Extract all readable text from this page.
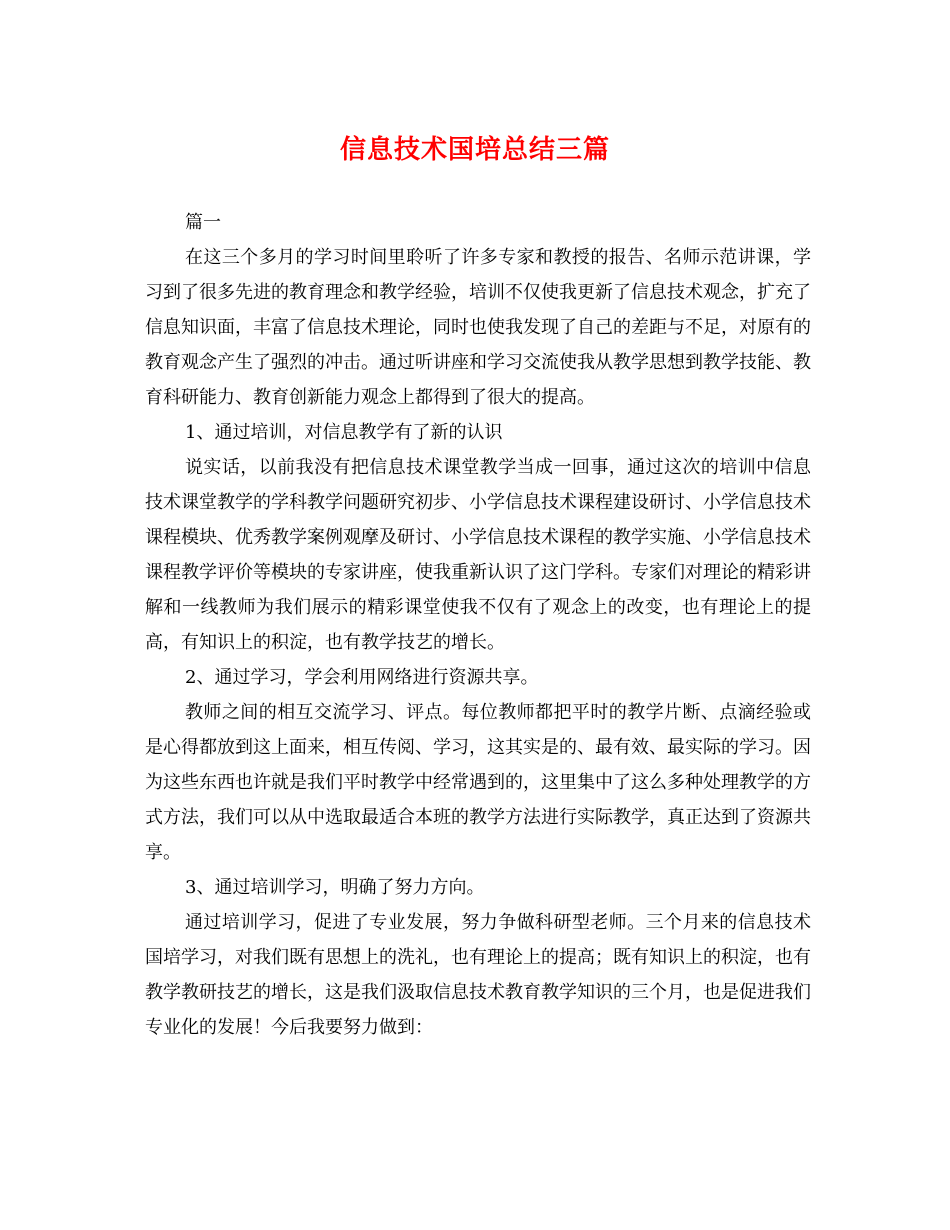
信息技术国培总结三篇

篇一

在这三个多月的学习时间里聆听了许多专家和教授的报告、名师示范讲课，学习到了很多先进的教育理念和教学经验，培训不仅使我更新了信息技术观念，扩充了信息知识面，丰富了信息技术理论，同时也使我发现了自己的差距与不足，对原有的教育观念产生了强烈的冲击。通过听讲座和学习交流使我从教学思想到教学技能、教育科研能力、教育创新能力观念上都得到了很大的提高。

1、通过培训，对信息教学有了新的认识

说实话，以前我没有把信息技术课堂教学当成一回事，通过这次的培训中信息技术课堂教学的学科教学问题研究初步、小学信息技术课程建设研讨、小学信息技术课程模块、优秀教学案例观摩及研讨、小学信息技术课程的教学实施、小学信息技术课程教学评价等模块的专家讲座，使我重新认识了这门学科。专家们对理论的精彩讲解和一线教师为我们展示的精彩课堂使我不仅有了观念上的改变，也有理论上的提高，有知识上的积淀，也有教学技艺的增长。

2、通过学习，学会利用网络进行资源共享。

教师之间的相互交流学习、评点。每位教师都把平时的教学片断、点滴经验或是心得都放到这上面来，相互传阅、学习，这其实是的、最有效、最实际的学习。因为这些东西也许就是我们平时教学中经常遇到的，这里集中了这么多种处理教学的方式方法，我们可以从中选取最适合本班的教学方法进行实际教学，真正达到了资源共享。

3、通过培训学习，明确了努力方向。

通过培训学习，促进了专业发展，努力争做科研型老师。三个月来的信息技术国培学习，对我们既有思想上的洗礼，也有理论上的提高；既有知识上的积淀，也有教学教研技艺的增长，这是我们汲取信息技术教育教学知识的三个月，也是促进我们专业化的发展！今后我要努力做到：
